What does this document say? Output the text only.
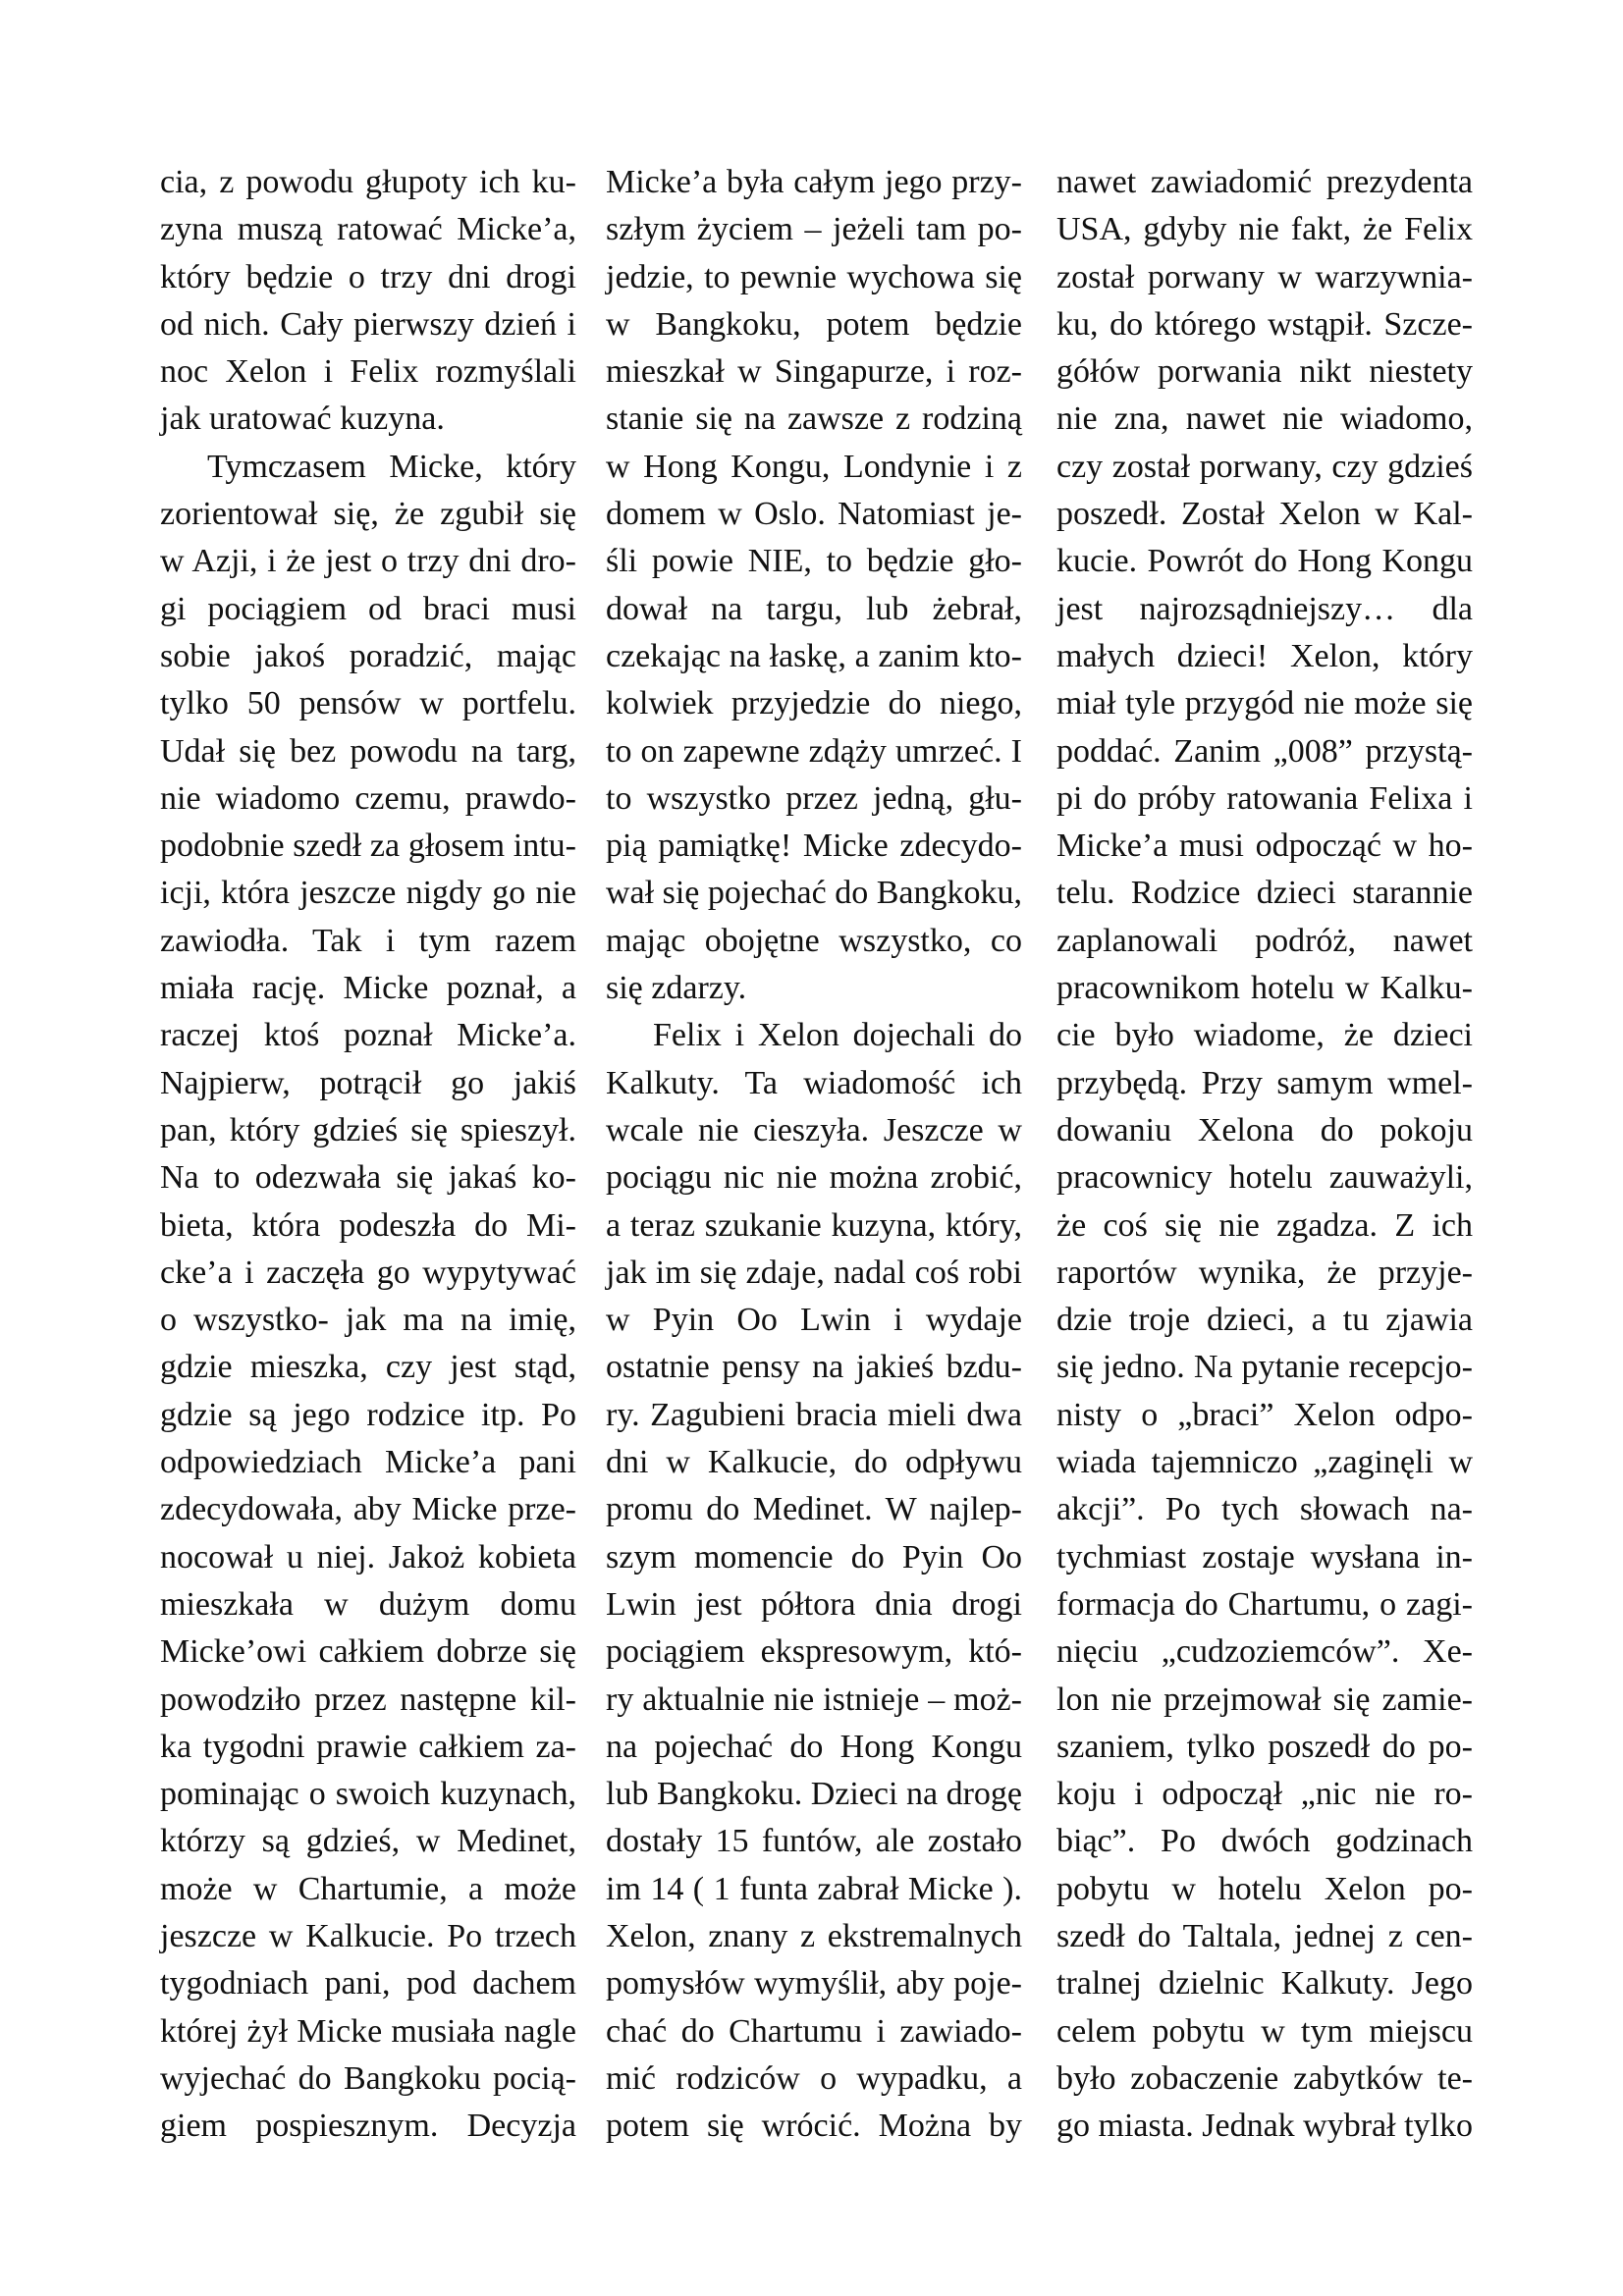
cia, z powodu głupoty ich ku-
zyna muszą ratować Micke’a,
który będzie o trzy dni drogi
od nich. Cały pierwszy dzień i
noc Xelon i Felix rozmyślali
jak uratować kuzyna.
Tymczasem Micke, który
zorientował się, że zgubił się
w Azji, i że jest o trzy dni dro-
gi pociągiem od braci musi
sobie jakoś poradzić, mając
tylko 50 pensów w portfelu.
Udał się bez powodu na targ,
nie wiadomo czemu, prawdo-
podobnie szedł za głosem intu-
icji, która jeszcze nigdy go nie
zawiodła. Tak i tym razem
miała rację. Micke poznał, a
raczej ktoś poznał Micke’a.
Najpierw, potrącił go jakiś
pan, który gdzieś się spieszył.
Na to odezwała się jakaś ko-
bieta, która podeszła do Mi-
cke’a i zaczęła go wypytywać
o wszystko- jak ma na imię,
gdzie mieszka, czy jest stąd,
gdzie są jego rodzice itp. Po
odpowiedziach Micke’a pani
zdecydowała, aby Micke prze-
nocował u niej. Jakoż kobieta
mieszkała w dużym domu
Micke’owi całkiem dobrze się
powodziło przez następne kil-
ka tygodni prawie całkiem za-
pominając o swoich kuzynach,
którzy są gdzieś, w Medinet,
może w Chartumie, a może
jeszcze w Kalkucie. Po trzech
tygodniach pani, pod dachem
której żył Micke musiała nagle
wyjechać do Bangkoku pocią-
giem pospiesznym. Decyzja
Micke’a była całym jego przy-
szłym życiem – jeżeli tam po-
jedzie, to pewnie wychowa się
w Bangkoku, potem będzie
mieszkał w Singapurze, i roz-
stanie się na zawsze z rodziną
w Hong Kongu, Londynie i z
domem w Oslo. Natomiast je-
śli powie NIE, to będzie gło-
dował na targu, lub żebrał,
czekając na łaskę, a zanim kto-
kolwiek przyjedzie do niego,
to on zapewne zdąży umrzeć. I
to wszystko przez jedną, głu-
pią pamiątkę! Micke zdecydo-
wał się pojechać do Bangkoku,
mając obojętne wszystko, co
się zdarzy.
Felix i Xelon dojechali do
Kalkuty. Ta wiadomość ich
wcale nie cieszyła. Jeszcze w
pociągu nic nie można zrobić,
a teraz szukanie kuzyna, który,
jak im się zdaje, nadal coś robi
w Pyin Oo Lwin i wydaje
ostatnie pensy na jakieś bzdu-
ry. Zagubieni bracia mieli dwa
dni w Kalkucie, do odpływu
promu do Medinet. W najlep-
szym momencie do Pyin Oo
Lwin jest półtora dnia drogi
pociągiem ekspresowym, któ-
ry aktualnie nie istnieje – moż-
na pojechać do Hong Kongu
lub Bangkoku. Dzieci na drogę
dostały 15 funtów, ale zostało
im 14 ( 1 funta zabrał Micke ).
Xelon, znany z ekstremalnych
pomysłów wymyślił, aby poje-
chać do Chartumu i zawiado-
mić rodziców o wypadku, a
potem się wrócić. Można by
nawet zawiadomić prezydenta
USA, gdyby nie fakt, że Felix
został porwany w warzywnia-
ku, do którego wstąpił. Szcze-
gółów porwania nikt niestety
nie zna, nawet nie wiadomo,
czy został porwany, czy gdzieś
poszedł. Został Xelon w Kal-
kucie. Powrót do Hong Kongu
jest najrozsądniejszy… dla
małych dzieci! Xelon, który
miał tyle przygód nie może się
poddać. Zanim „008” przystą-
pi do próby ratowania Felixa i
Micke’a musi odpocząć w ho-
telu. Rodzice dzieci starannie
zaplanowali podróż, nawet
pracownikom hotelu w Kalku-
cie było wiadome, że dzieci
przybędą. Przy samym wmel-
dowaniu Xelona do pokoju
pracownicy hotelu zauważyli,
że coś się nie zgadza. Z ich
raportów wynika, że przyje-
dzie troje dzieci, a tu zjawia
się jedno. Na pytanie recepcjo-
nisty o „braci” Xelon odpo-
wiada tajemniczo „zaginęli w
akcji”. Po tych słowach na-
tychmiast zostaje wysłana in-
formacja do Chartumu, o zagi-
nięciu „cudzoziemców”. Xe-
lon nie przejmował się zamie-
szaniem, tylko poszedł do po-
koju i odpoczął „nic nie ro-
biąc”. Po dwóch godzinach
pobytu w hotelu Xelon po-
szedł do Taltala, jednej z cen-
tralnej dzielnic Kalkuty. Jego
celem pobytu w tym miejscu
było zobaczenie zabytków te-
go miasta. Jednak wybrał tylko
